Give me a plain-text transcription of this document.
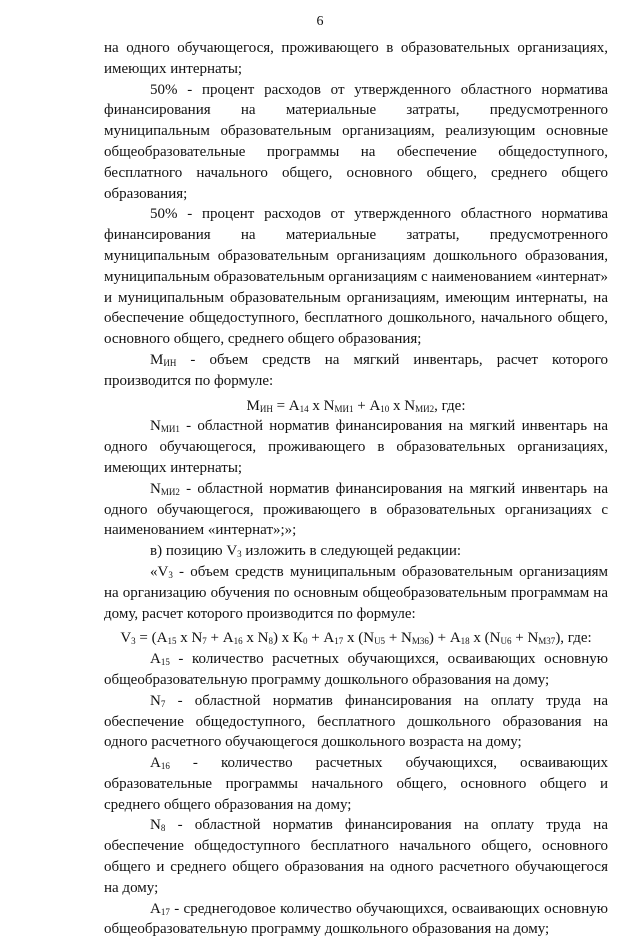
6

на одного обучающегося, проживающего в образовательных организациях, имеющих интернаты;

50% - процент расходов от утвержденного областного норматива финансирования на материальные затраты, предусмотренного муниципальным образовательным организациям, реализующим основные общеобразовательные программы на обеспечение общедоступного, бесплатного начального общего, основного общего, среднего общего образования;

50% - процент расходов от утвержденного областного норматива финансирования на материальные затраты, предусмотренного муниципальным образовательным организациям дошкольного образования, муниципальным образовательным организациям с наименованием «интернат» и муниципальным образовательным организациям, имеющим интернаты, на обеспечение общедоступного, бесплатного дошкольного, начального общего, основного общего, среднего общего образования;

$М_{ИН}$ - объем средств на мягкий инвентарь, расчет которого производится по формуле:

$М_{ИН} = А_{14}$ х $N_{МИ1} + А_{10}$ х $N_{МИ2}$, где:

$N_{МИ1}$ - областной норматив финансирования на мягкий инвентарь на одного обучающегося, проживающего в образовательных организациях, имеющих интернаты;

$N_{МИ2}$ - областной норматив финансирования на мягкий инвентарь на одного обучающегося, проживающего в образовательных организациях с наименованием «интернат»;»;

в) позицию $V_3$ изложить в следующей редакции:

«$V_3$ - объем средств муниципальным образовательным организациям на организацию обучения по основным общеобразовательным программам на дому, расчет которого производится по формуле:

$V_3 = (А_{15}$ х $N_7 + А_{16}$ х $N_8$) х $К_0 + А_{17}$ х $(N_{U5} + N_{М36}) + А_{18}$ х $(N_{U6} + N_{М37})$, где:

$А_{15}$ - количество расчетных обучающихся, осваивающих основную общеобразовательную программу дошкольного образования на дому;

$N_7$ - областной норматив финансирования на оплату труда на обеспечение общедоступного, бесплатного дошкольного образования на одного расчетного обучающегося дошкольного возраста на дому;

$А_{16}$ - количество расчетных обучающихся, осваивающих образовательные программы начального общего, основного общего и среднего общего образования на дому;

$N_8$ - областной норматив финансирования на оплату труда на обеспечение общедоступного бесплатного начального общего, основного общего и среднего общего образования на одного расчетного обучающегося на дому;

$А_{17}$ - среднегодовое количество обучающихся, осваивающих основную общеобразовательную программу дошкольного образования на дому;
